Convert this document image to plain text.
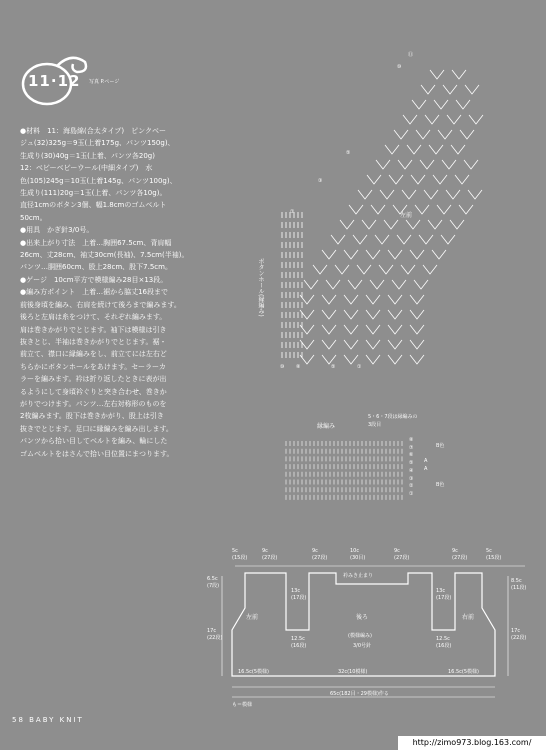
11·12 写真 P.ページ
●材料　11：海島綿(合太タイプ)　ピンクベー
ジュ(32)325g＝9玉(上着175g、パンツ150g)、
生成り(30)40g＝1玉(上着、パンツ各20g)
12：ベビーベビーウール(中細タイプ)　水
色(105)245g＝10玉(上着145g、パンツ100g)、
生成り(111)20g＝1玉(上着、パンツ各10g)。
直径1cmのボタン3個、幅1.8cmのゴムベルト
50cm。
●用具　かぎ針3/0号。
●出来上がり寸法　上着…胸囲67.5cm、背肩幅
26cm、丈28cm、袖丈30cm(長袖)、7.5cm(半袖)。
パンツ…胴囲60cm、股上28cm、股下7.5cm。
●ゲージ　10cm平方で模様編み28目×13段。
●編み方ポイント　上着…裾から脇丈16段まで
前後身頃を編み、右肩を続けて後ろまで編みます。
後ろと左肩は糸をつけて、それぞれ編みます。
肩は巻きかがりでとじます。袖下は模様は引き
抜きとじ、半袖は巻きかがりでとじます。裾・
前立て、襟口に縁編みをし、前立てには左右ど
ちらかにボタンホールをあけます。セーラーカ
ラーを編みます。衿は折り返したときに表が出
るようにして身頃衿ぐりと突き合わせ、巻きか
がりでつけます。パンツ…左右対称形のものを
2枚編みます。股下は巻きかがり、股上は引き
抜きでとじます。足口に縁編みを編み出します。
パンツから拾い目してベルトを編み、輪にした
ゴムベルトをはさんで拾い目位置にまつります。
左前
ボタンホール(縁編み)
⑪
⑩
⑤
③
①
⑩ ⑧	⑤	①
縁編み
5・6・7段は縁編みの
3段目
⑧
⑦
⑥
⑤
④
③
②
①
B色
A
B色
A
5c
(15段)
9c
(27段)
9c
(27段)
10c
(30目)
9c
(27段)
9c
(27段)
5c
(15段)
衿みき止まり
後ろ
(模様編み)
3/0号針
左前	右前
6.5c
(7段)
17c
(22段)
8.5c
(11段)
17c
(22段)
13c
(17段)
12.5c
(16段)
13c
(17段)
12.5c
(16段)
16.5c(5模様)	32c(10模様)	16.5c(5模様)
65c(182目・29模様)作る
も＝模様
58 BABY KNIT
http://zimo973.blog.163.com/
